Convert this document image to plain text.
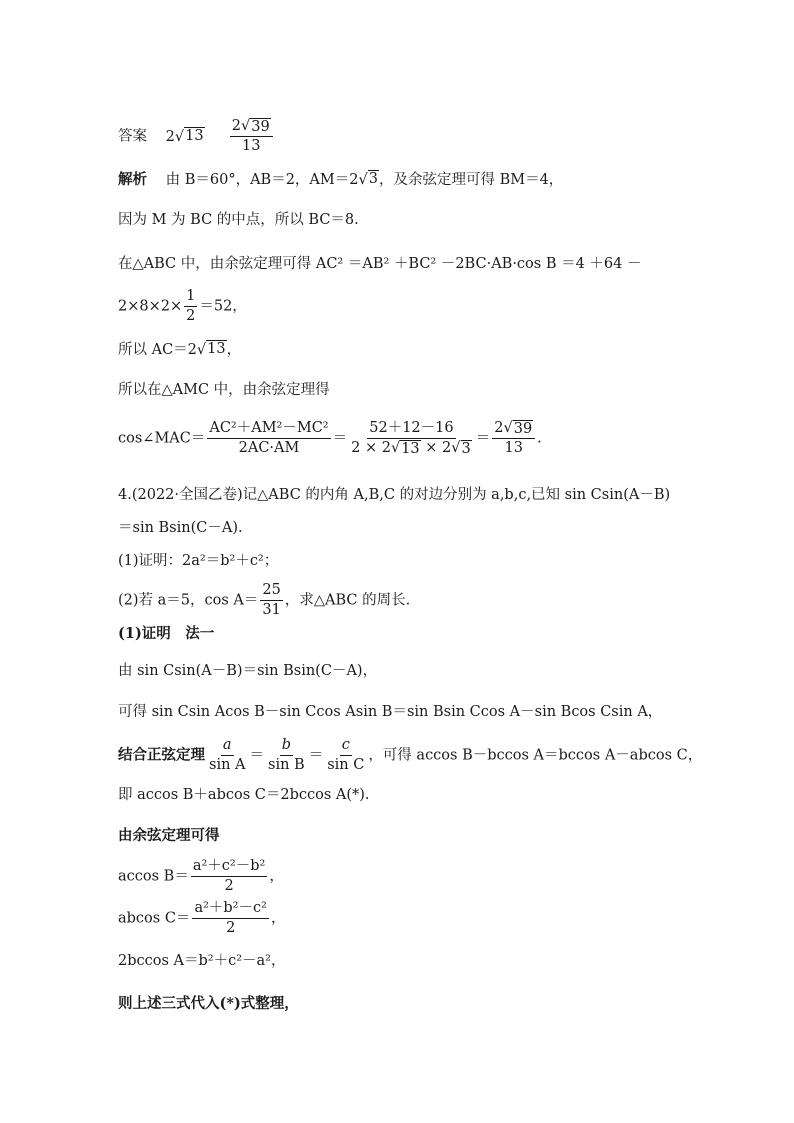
答案 2 √ 13
$\frac{2 √ 39}{13}$
解析 由 B＝60°，AB＝2，AM＝2 √ 3 ，及余弦定理可得 BM＝4，
因为 M 为 BC 的中点，所以 BC＝8.
在△ABC 中，由余弦定理可得 AC² ＝AB² ＋BC² －2BC·AB·cos B ＝4 ＋64 －
$2\times 8\times 2\times \frac{1}{2} =52$，
所以 AC＝2 √ 13 ，
所以在△AMC 中，由余弦定理得
cos∠MAC＝ $\frac{\text{AC²＋AM²－MC²}}{2AC\cdot AM} = \frac{52+12-16}{2 \times 2 √ 13 \times 2 √ 3} = \frac{2 √ 39}{13}$ .
4.(2022·全国乙卷)记△ABC 的内角 A,B,C 的对边分别为 a,b,c,已知 sin Csin(A－B)
＝sin Bsin(C－A).
(1)证明：2a²＝b²＋c²；
(2)若 a＝5，$\cos A= \frac{25}{31}$ ，求△ABC 的周长.
(1)证明　法一
由 sin Csin(A－B)＝sin Bsin(C－A)，
可得 sin Csin Acos B－sin Ccos Asin B＝sin Bsin Ccos A－sin Bcos Csin A，
结合正弦定理 $\frac{a}{\text{sin A}} = \frac{b}{\text{sin B}} = \frac{c}{\text{sin C}}$ ，可得 accos B－bccos A＝bccos A－abcos C，
即 accos B＋abcos C＝2bccos A(*).
由余弦定理可得
accos $B= \frac{\text{a²＋c²－b²}}{2}$ ，
abcos $C= \frac{\text{a²＋b²－c²}}{2}$ ，
2bccos A＝b²＋c²－a²，
则上述三式代入(*)式整理，
